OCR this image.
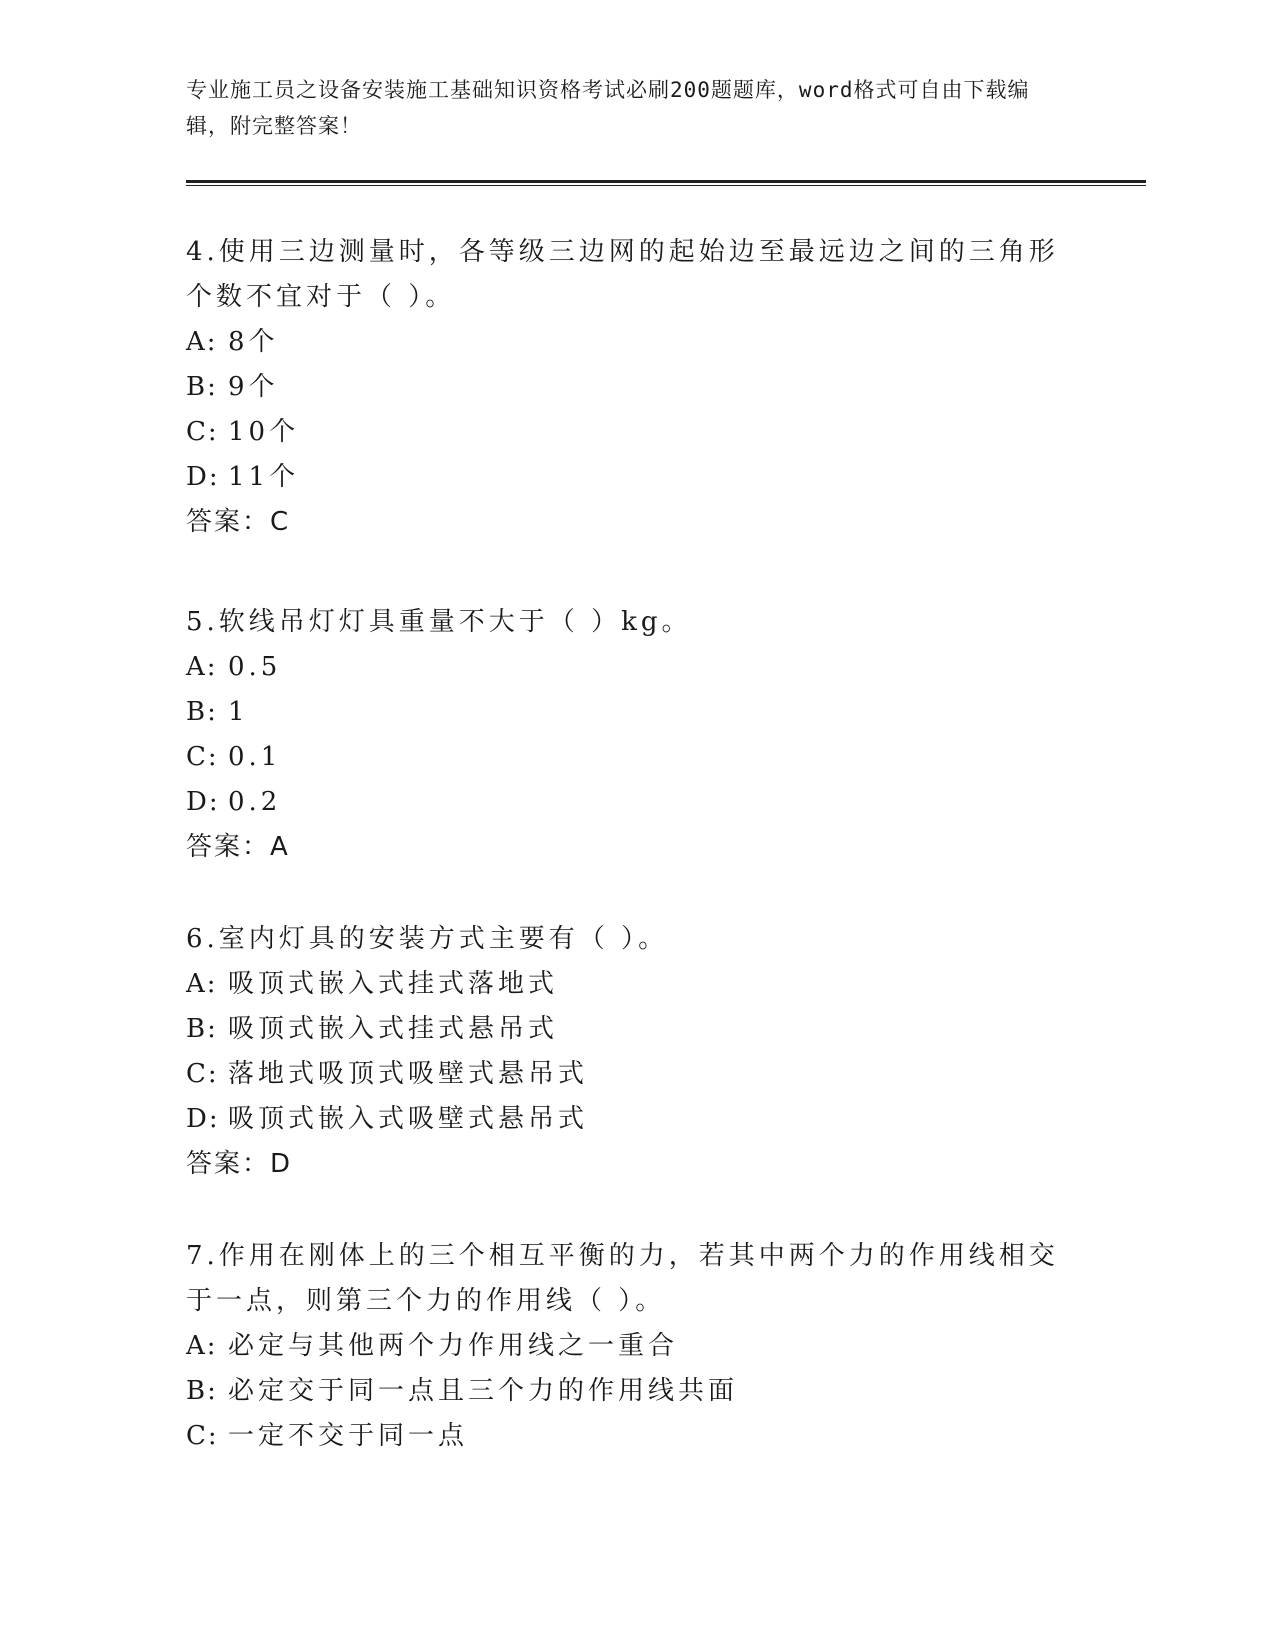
专业施工员之设备安装施工基础知识资格考试必刷200题题库，word格式可自由下载编辑，附完整答案！

4.使用三边测量时，各等级三边网的起始边至最远边之间的三角形个数不宜对于（ ）。
A: 8个
B: 9个
C: 10个
D: 11个
答案：C
5.软线吊灯灯具重量不大于（ ）kg。
A: 0.5
B: 1
C: 0.1
D: 0.2
答案：A
6.室内灯具的安装方式主要有（ ）。
A: 吸顶式嵌入式挂式落地式
B: 吸顶式嵌入式挂式悬吊式
C: 落地式吸顶式吸壁式悬吊式
D: 吸顶式嵌入式吸壁式悬吊式
答案：D
7.作用在刚体上的三个相互平衡的力，若其中两个力的作用线相交于一点，则第三个力的作用线（ ）。
A: 必定与其他两个力作用线之一重合
B: 必定交于同一点且三个力的作用线共面
C: 一定不交于同一点
